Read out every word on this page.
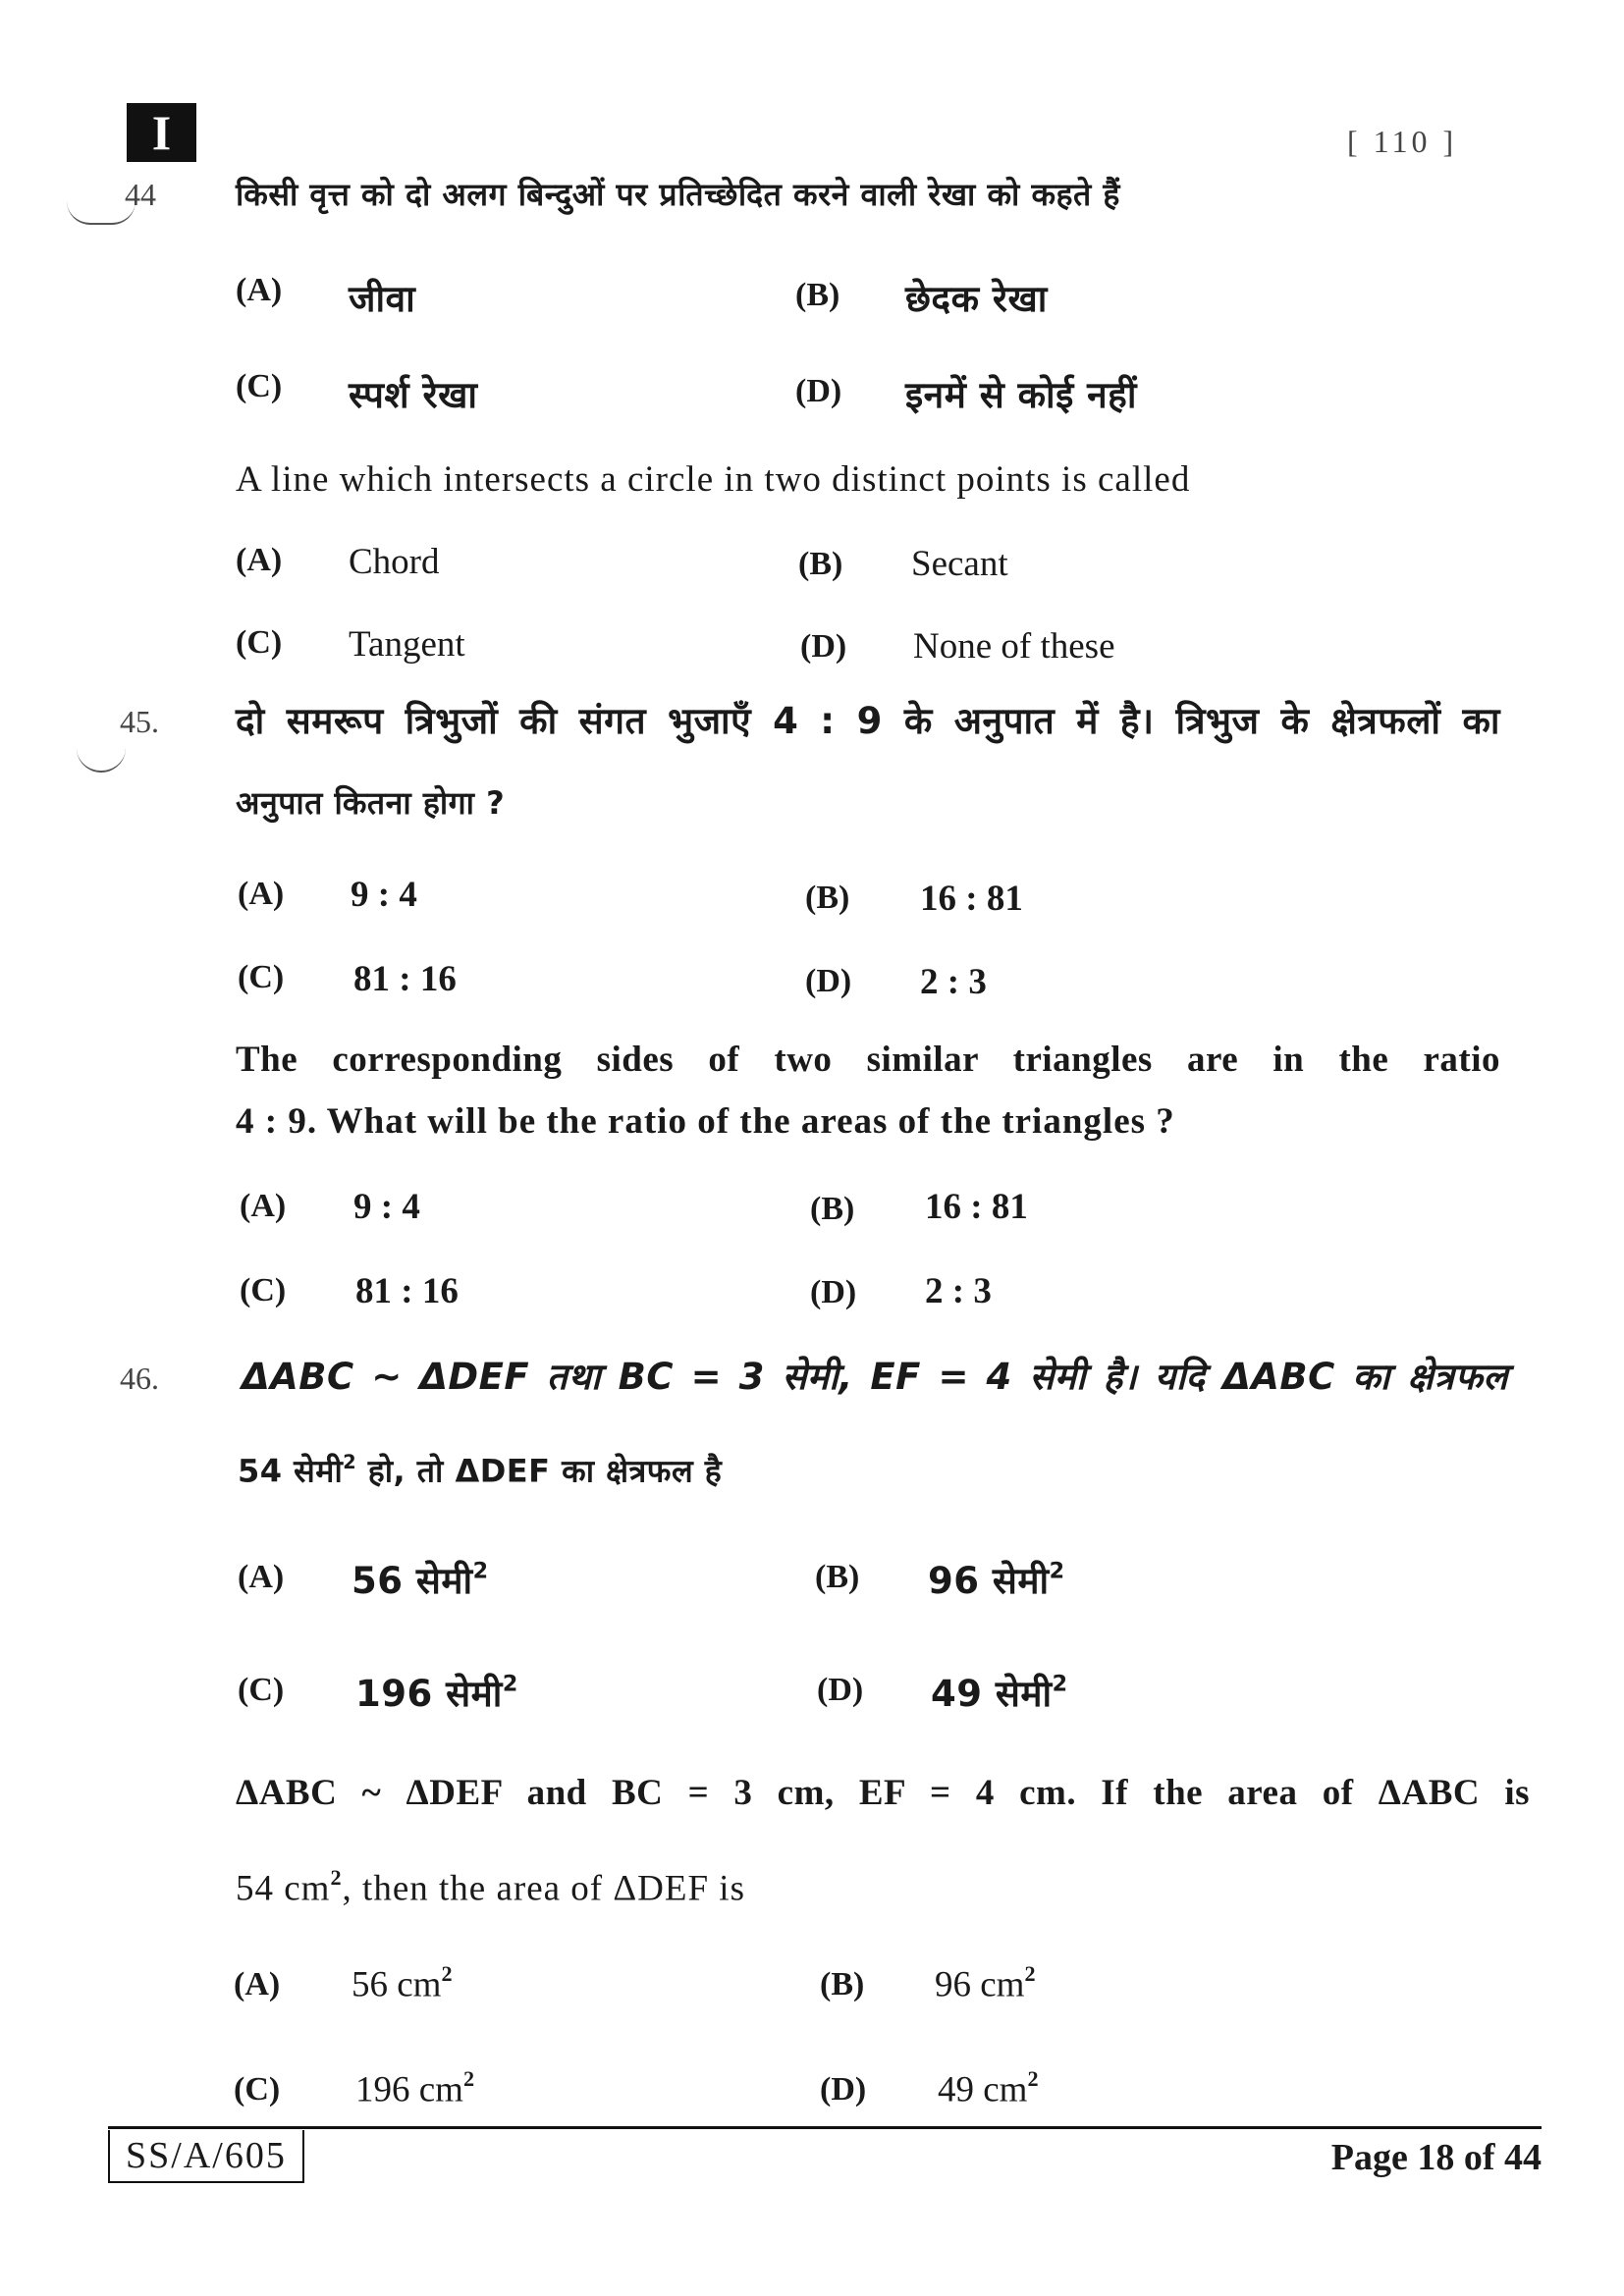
I	[ 110 ]
44	किसी वृत्त को दो अलग बिन्दुओं पर प्रतिच्छेदित करने वाली रेखा को कहते हैं
(A) जीवा	(B) छेदक रेखा
(C) स्पर्श रेखा	(D) इनमें से कोई नहीं
A line which intersects a circle in two distinct points is called
(A) Chord	(B) Secant
(C) Tangent	(D) None of these
45. दो समरूप त्रिभुजों की संगत भुजाएँ 4 : 9 के अनुपात में है। त्रिभुज के क्षेत्रफलों का
अनुपात कितना होगा ?
(A) 9 : 4	(B) 16 : 81
(C) 81 : 16	(D) 2 : 3
The corresponding sides of two similar triangles are in the ratio
4 : 9. What will be the ratio of the areas of the triangles ?
(A) 9 : 4	(B) 16 : 81
(C) 81 : 16	(D) 2 : 3
46. ΔABC ~ ΔDEF तथा BC = 3 सेमी, EF = 4 सेमी है। यदि ΔABC का क्षेत्रफल
54 सेमी$^2$ हो, तो ΔDEF का क्षेत्रफल है
(A) 56 सेमी$^2$	(B) 96 सेमी$^2$
(C) 196 सेमी$^2$	(D) 49 सेमी$^2$
ΔABC ~ ΔDEF and BC = 3 cm, EF = 4 cm. If the area of ΔABC is
54 $cm^2$, then the area of ΔDEF is
(A) 56 $cm^2$	(B) 96 $cm^2$
(C) 196 $cm^2$	(D) 49 $cm^2$
SS/A/605	Page 18 of 44
